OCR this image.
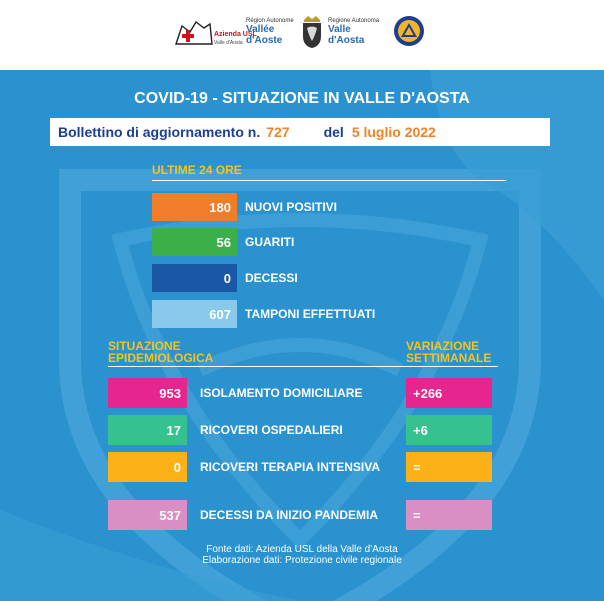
Azienda USL
Valle d'Aosta
Région Autonome
Vallée d'Aoste
Regione Autonoma
Valle d'Aosta
COVID-19 - SITUAZIONE IN VALLE D'AOSTA
Bollettino di aggiornamento n. 727 del 5 luglio 2022
ULTIME 24 ORE
180 NUOVI POSITIVI
56 GUARITI
0 DECESSI
607 TAMPONI EFFETTUATI
SITUAZIONE
EPIDEMIOLOGICA
VARIAZIONE
SETTIMANALE
953 ISOLAMENTO DOMICILIARE	+266
17 RICOVERI OSPEDALIERI	+6
0 RICOVERI TERAPIA INTENSIVA	=
537 DECESSI DA INIZIO PANDEMIA	=
Fonte dati: Azienda USL della Valle d'Aosta
Elaborazione dati: Protezione civile regionale
